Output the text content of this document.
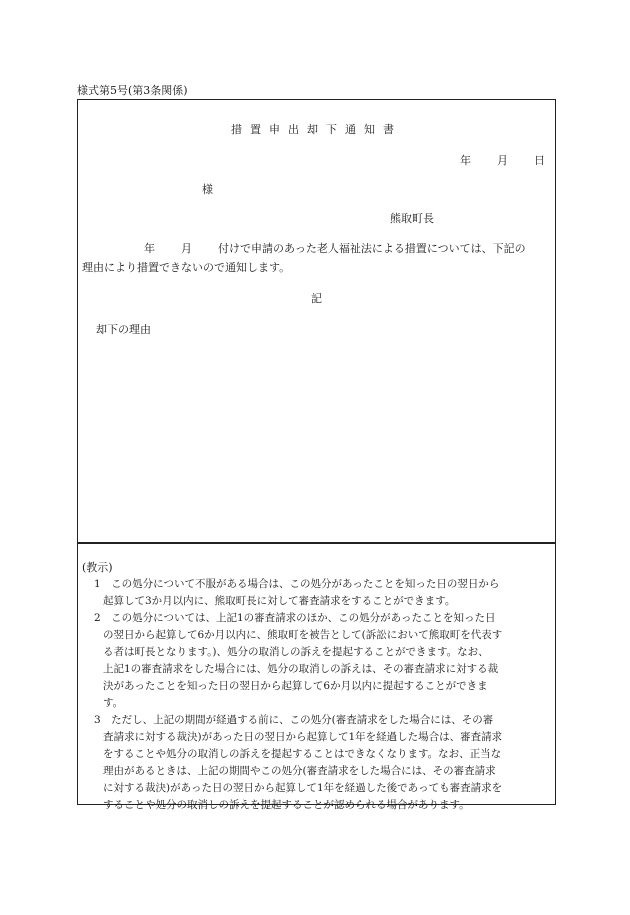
様式第5号(第3条関係)
措置申出却下通知書
年 月 日
様
熊取町長
年 月 付けで申請のあった老人福祉法による措置については、下記の
理由により措置できないので通知します。
記
却下の理由
(教示)
1　この処分について不服がある場合は、この処分があったことを知った日の翌日から
起算して3か月以内に、熊取町長に対して審査請求をすることができます。
2　この処分については、上記1の審査請求のほか、この処分があったことを知った日
の翌日から起算して6か月以内に、熊取町を被告として(訴訟において熊取町を代表す
る者は町長となります。)、処分の取消しの訴えを提起することができます。なお、
上記1の審査請求をした場合には、処分の取消しの訴えは、その審査請求に対する裁
決があったことを知った日の翌日から起算して6か月以内に提起することができま
す。
3　ただし、上記の期間が経過する前に、この処分(審査請求をした場合には、その審
査請求に対する裁決)があった日の翌日から起算して1年を経過した場合は、審査請求
をすることや処分の取消しの訴えを提起することはできなくなります。なお、正当な
理由があるときは、上記の期間やこの処分(審査請求をした場合には、その審査請求
に対する裁決)があった日の翌日から起算して1年を経過した後であっても審査請求を
することや処分の取消しの訴えを提起することが認められる場合があります。
